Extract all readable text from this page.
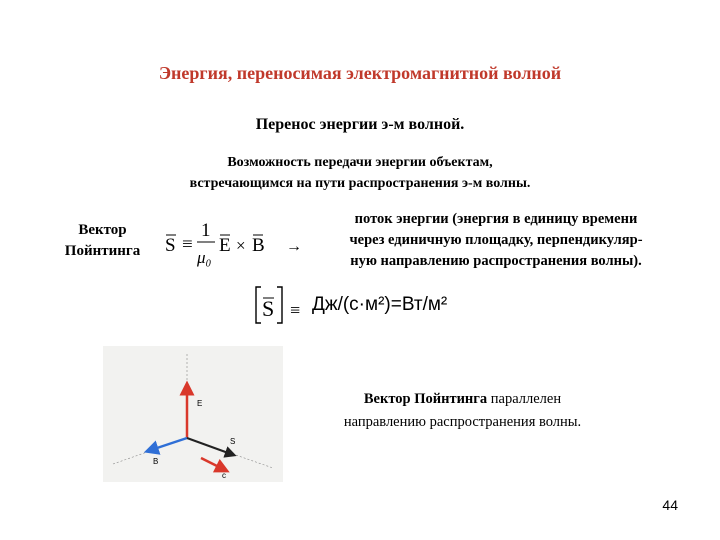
Энергия, переносимая электромагнитной волной
Перенос энергии э-м волной.
Возможность передачи энергии объектам,
встречающимся на пути распространения э-м волны.
Вектор
Пойнтинга	S ≡
1
μ₀
E × B →
поток энергии (энергия в единицу времени
через единичную площадку, перпендикуляр-
ную направлению распространения волны).
S ≡ Дж/(с·м²)=Вт/м²
E
S
B
c
Вектор Пойнтинга параллелен
направлению распространения волны.
44
